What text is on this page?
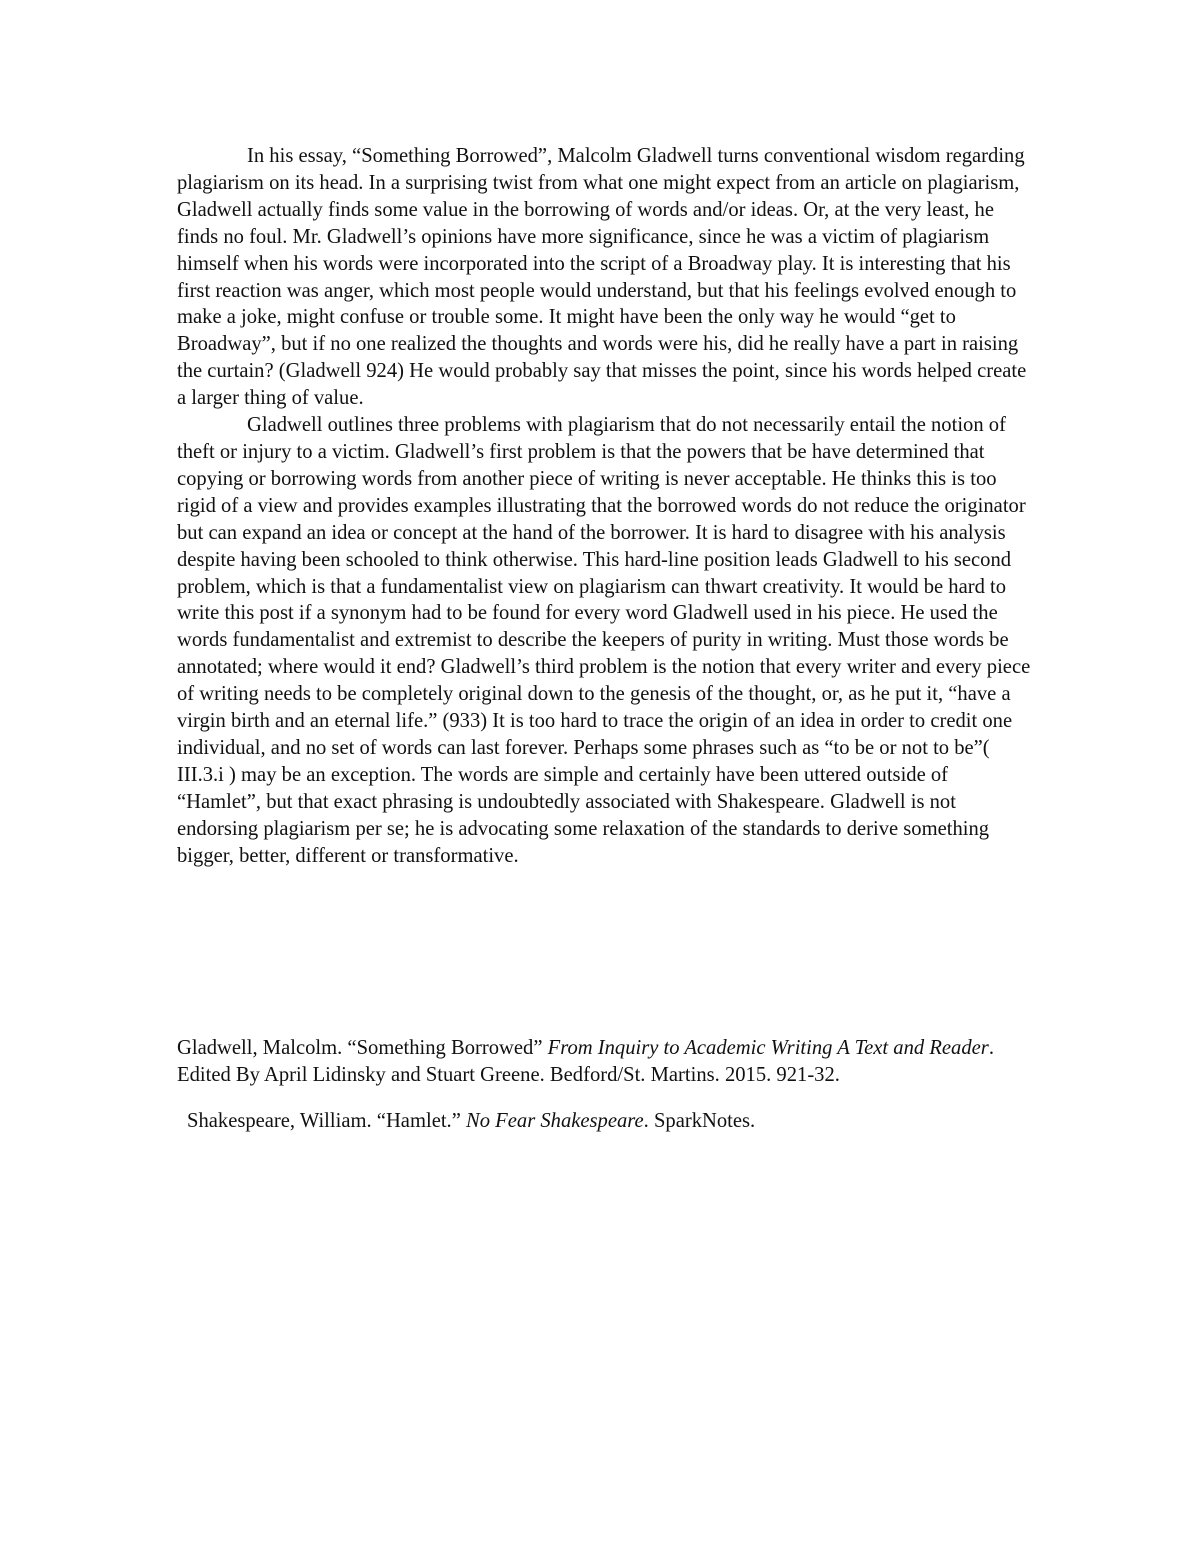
In his essay, “Something Borrowed”, Malcolm Gladwell turns conventional wisdom regarding plagiarism on its head. In a surprising twist from what one might expect from an article on plagiarism, Gladwell actually finds some value in the borrowing of words and/or ideas. Or, at the very least, he finds no foul. Mr. Gladwell’s opinions have more significance, since he was a victim of plagiarism himself when his words were incorporated into the script of a Broadway play. It is interesting that his first reaction was anger, which most people would understand, but that his feelings evolved enough to make a joke, might confuse or trouble some. It might have been the only way he would “get to Broadway”, but if no one realized the thoughts and words were his, did he really have a part in raising the curtain? (Gladwell 924) He would probably say that misses the point, since his words helped create a larger thing of value.

Gladwell outlines three problems with plagiarism that do not necessarily entail the notion of theft or injury to a victim. Gladwell’s first problem is that the powers that be have determined that copying or borrowing words from another piece of writing is never acceptable. He thinks this is too rigid of a view and provides examples illustrating that the borrowed words do not reduce the originator but can expand an idea or concept at the hand of the borrower. It is hard to disagree with his analysis despite having been schooled to think otherwise. This hard-line position leads Gladwell to his second problem, which is that a fundamentalist view on plagiarism can thwart creativity. It would be hard to write this post if a synonym had to be found for every word Gladwell used in his piece. He used the words fundamentalist and extremist to describe the keepers of purity in writing. Must those words be annotated; where would it end? Gladwell’s third problem is the notion that every writer and every piece of writing needs to be completely original down to the genesis of the thought, or, as he put it, “have a virgin birth and an eternal life.” (933) It is too hard to trace the origin of an idea in order to credit one individual, and no set of words can last forever. Perhaps some phrases such as “to be or not to be”( III.3.i ) may be an exception. The words are simple and certainly have been uttered outside of “Hamlet”, but that exact phrasing is undoubtedly associated with Shakespeare. Gladwell is not endorsing plagiarism per se; he is advocating some relaxation of the standards to derive something bigger, better, different or transformative.

Gladwell, Malcolm. “Something Borrowed” From Inquiry to Academic Writing A Text and Reader. Edited By April Lidinsky and Stuart Greene. Bedford/St. Martins. 2015. 921-32.

Shakespeare, William. “Hamlet.” No Fear Shakespeare. SparkNotes.
